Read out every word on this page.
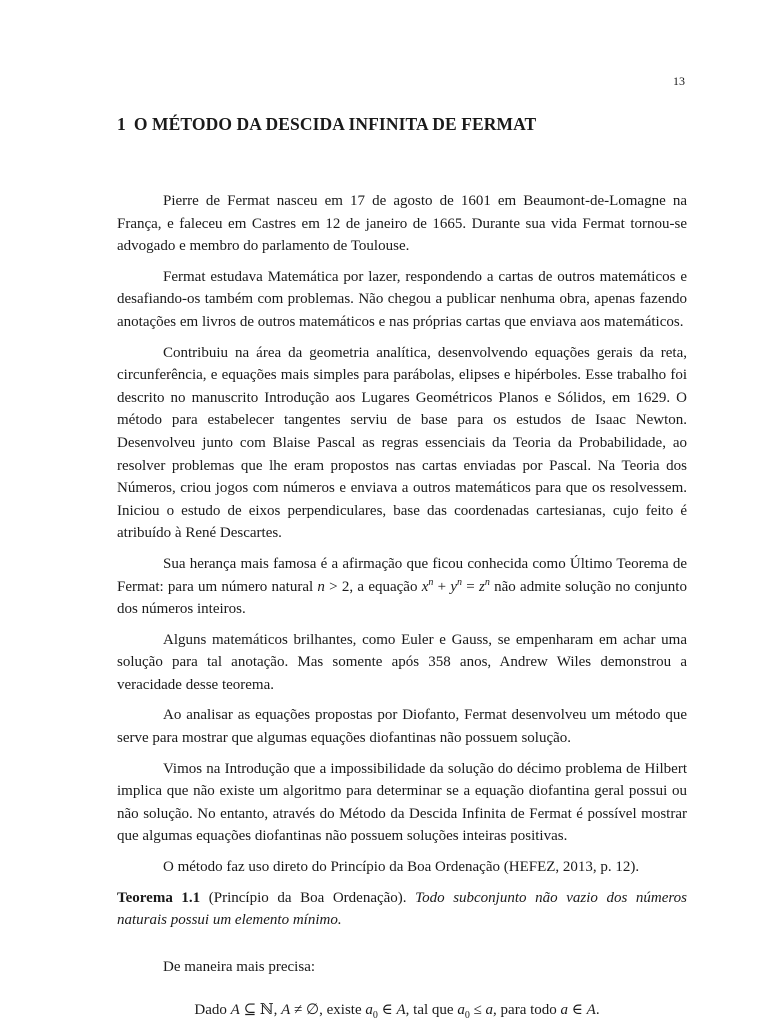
13
1 O MÉTODO DA DESCIDA INFINITA DE FERMAT

Pierre de Fermat nasceu em 17 de agosto de 1601 em Beaumont-de-Lomagne na França, e faleceu em Castres em 12 de janeiro de 1665. Durante sua vida Fermat tornou-se advogado e membro do parlamento de Toulouse.

Fermat estudava Matemática por lazer, respondendo a cartas de outros matemáticos e desafiando-os também com problemas. Não chegou a publicar nenhuma obra, apenas fazendo anotações em livros de outros matemáticos e nas próprias cartas que enviava aos matemáticos.

Contribuiu na área da geometria analítica, desenvolvendo equações gerais da reta, circunferência, e equações mais simples para parábolas, elipses e hipérboles. Esse trabalho foi descrito no manuscrito Introdução aos Lugares Geométricos Planos e Sólidos, em 1629. O método para estabelecer tangentes serviu de base para os estudos de Isaac Newton. Desenvolveu junto com Blaise Pascal as regras essenciais da Teoria da Probabilidade, ao resolver problemas que lhe eram propostos nas cartas enviadas por Pascal. Na Teoria dos Números, criou jogos com números e enviava a outros matemáticos para que os resolvessem. Iniciou o estudo de eixos perpendiculares, base das coordenadas cartesianas, cujo feito é atribuído à René Descartes.

Sua herança mais famosa é a afirmação que ficou conhecida como Último Teorema de Fermat: para um número natural n > 2, a equação $x^n + y^n = z^n$ não admite solução no conjunto dos números inteiros.

Alguns matemáticos brilhantes, como Euler e Gauss, se empenharam em achar uma solução para tal anotação. Mas somente após 358 anos, Andrew Wiles demonstrou a veracidade desse teorema.

Ao analisar as equações propostas por Diofanto, Fermat desenvolveu um método que serve para mostrar que algumas equações diofantinas não possuem solução.

Vimos na Introdução que a impossibilidade da solução do décimo problema de Hilbert implica que não existe um algoritmo para determinar se a equação diofantina geral possui ou não solução. No entanto, através do Método da Descida Infinita de Fermat é possível mostrar que algumas equações diofantinas não possuem soluções inteiras positivas.

O método faz uso direto do Princípio da Boa Ordenação (HEFEZ, 2013, p. 12).

Teorema 1.1 (Princípio da Boa Ordenação). Todo subconjunto não vazio dos números naturais possui um elemento mínimo.
De maneira mais precisa:
Dado A ⊆ ℕ, A ≠ ∅, existe $a_0$ ∈ A, tal que $a_0 \le a$, para todo a ∈ A.
